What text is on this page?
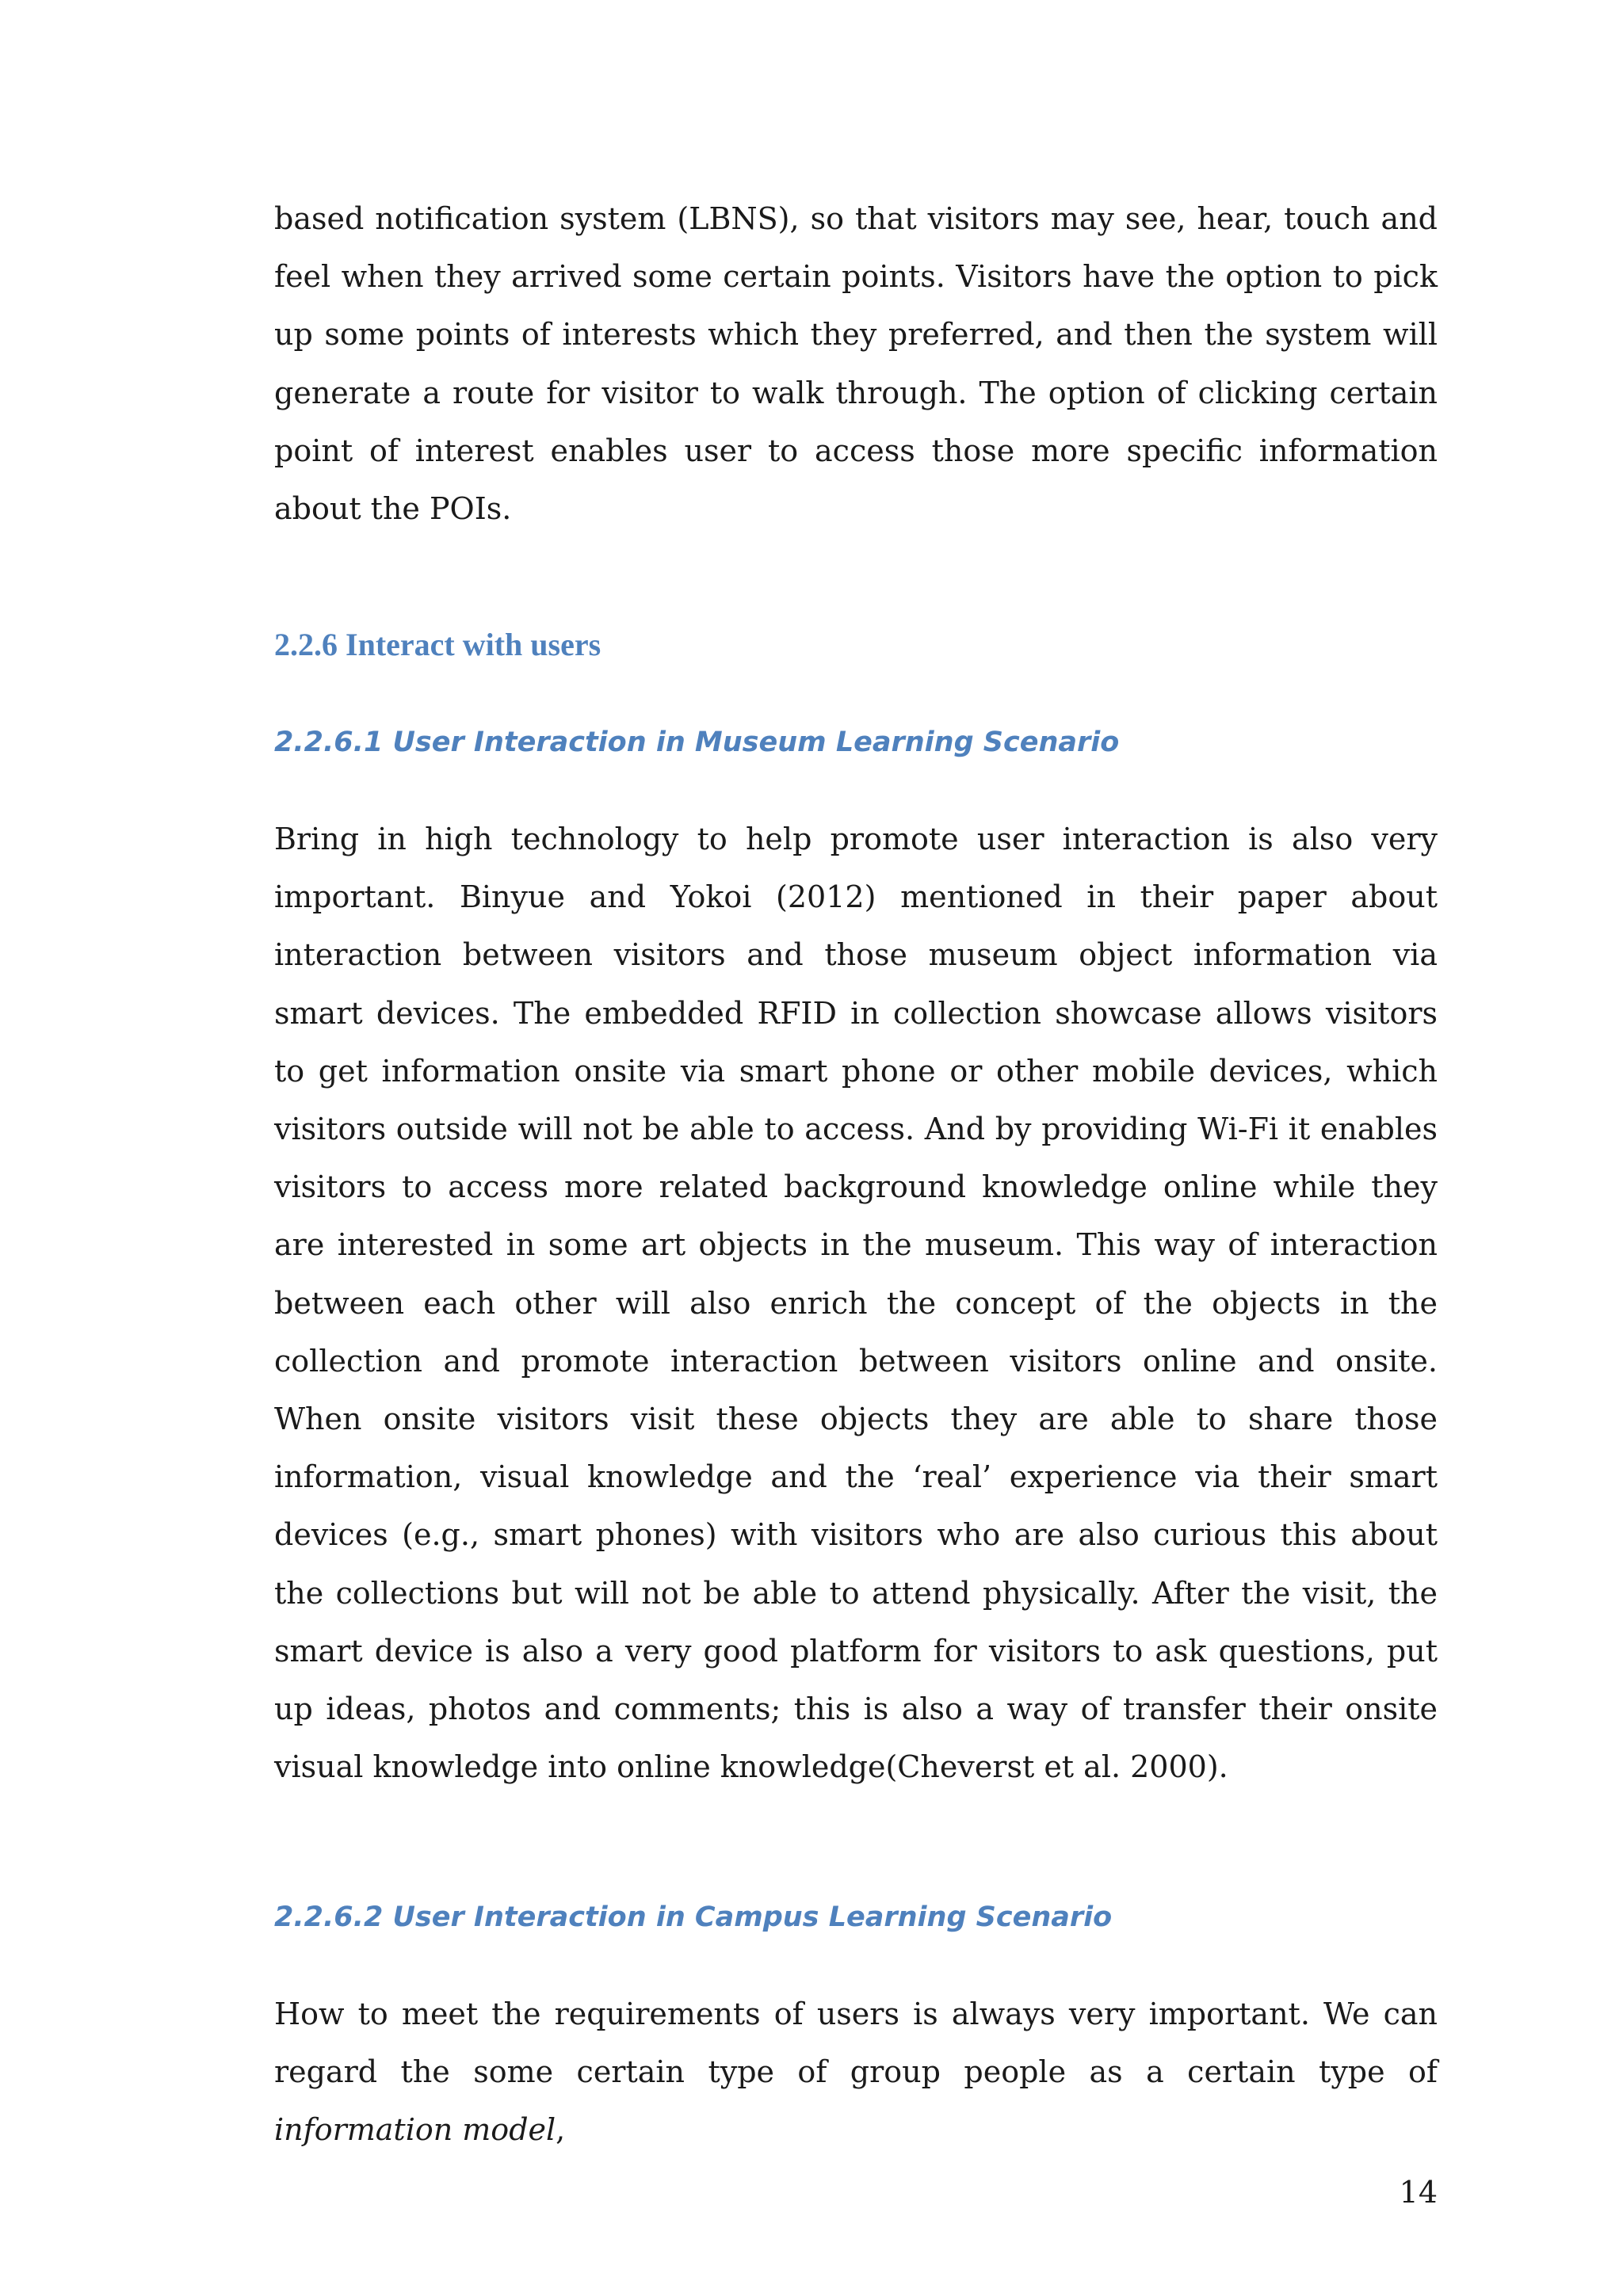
based notification system (LBNS), so that visitors may see, hear, touch and feel when they arrived some certain points. Visitors have the option to pick up some points of interests which they preferred, and then the system will generate a route for visitor to walk through. The option of clicking certain point of interest enables user to access those more specific information about the POIs.

2.2.6 Interact with users
2.2.6.1 User Interaction in Museum Learning Scenario

Bring in high technology to help promote user interaction is also very important. Binyue and Yokoi (2012) mentioned in their paper about interaction between visitors and those museum object information via smart devices. The embedded RFID in collection showcase allows visitors to get information onsite via smart phone or other mobile devices, which visitors outside will not be able to access. And by providing Wi-Fi it enables visitors to access more related background knowledge online while they are interested in some art objects in the museum. This way of interaction between each other will also enrich the concept of the objects in the collection and promote interaction between visitors online and onsite. When onsite visitors visit these objects they are able to share those information, visual knowledge and the ‘real’ experience via their smart devices (e.g., smart phones) with visitors who are also curious this about the collections but will not be able to attend physically. After the visit, the smart device is also a very good platform for visitors to ask questions, put up ideas, photos and comments; this is also a way of transfer their onsite visual knowledge into online knowledge(Cheverst et al. 2000).

2.2.6.2 User Interaction in Campus Learning Scenario

How to meet the requirements of users is always very important. We can regard the some certain type of group people as a certain type of information model,

14
